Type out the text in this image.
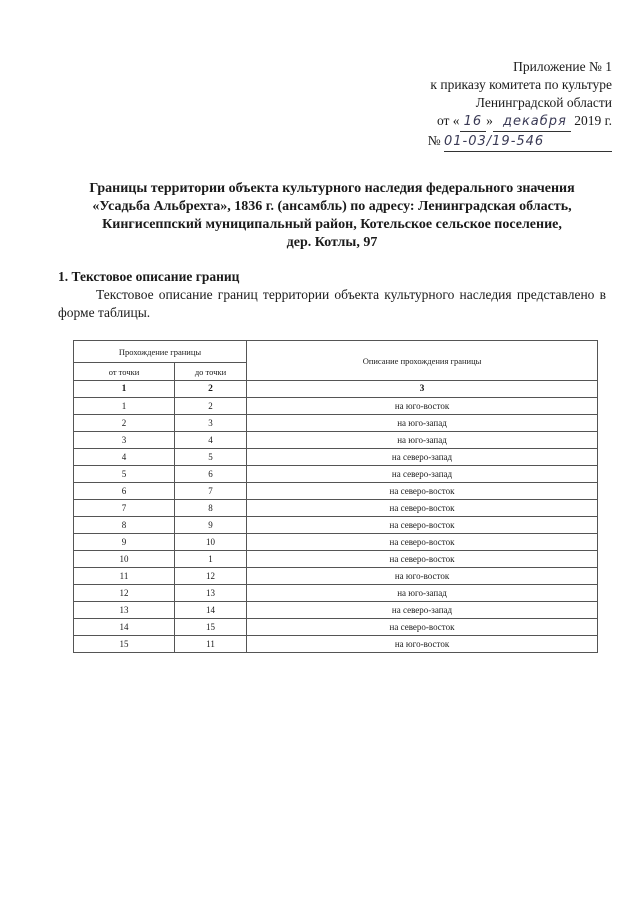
Приложение № 1
к приказу комитета по культуре
Ленинградской области
от « 16 » декабря 2019 г.
№ 01-03/19-546
Границы территории объекта культурного наследия федерального значения
«Усадьба Альбрехта», 1836 г. (ансамбль) по адресу: Ленинградская область,
Кингисеппский муниципальный район, Котельское сельское поселение,
дер. Котлы, 97
1. Текстовое описание границ
Текстовое описание границ территории объекта культурного наследия представлено в форме таблицы.
Прохождение границы		Описание прохождения границы
от точки	до точки	
1	2	3
1	2	на юго-восток
2	3	на юго-запад
3	4	на юго-запад
4	5	на северо-запад
5	6	на северо-запад
6	7	на северо-восток
7	8	на северо-восток
8	9	на северо-восток
9	10	на северо-восток
10	1	на северо-восток
11	12	на юго-восток
12	13	на юго-запад
13	14	на северо-запад
14	15	на северо-восток
15	11	на юго-восток
